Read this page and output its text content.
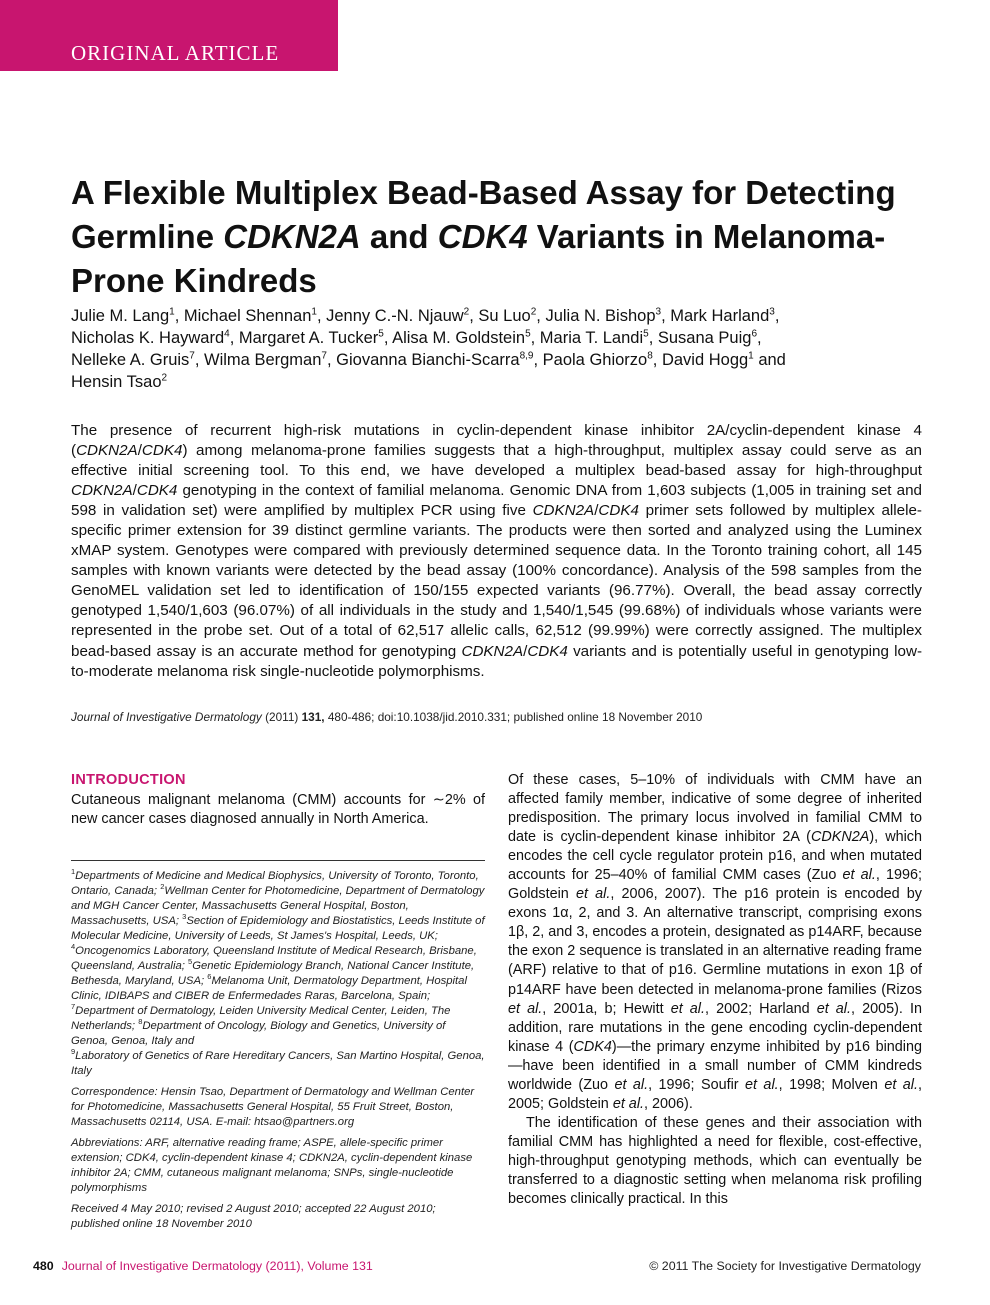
ORIGINAL ARTICLE
A Flexible Multiplex Bead-Based Assay for Detecting Germline CDKN2A and CDK4 Variants in Melanoma-Prone Kindreds
Julie M. Lang$^1$, Michael Shennan$^1$, Jenny C.-N. Njauw$^2$, Su Luo$^2$, Julia N. Bishop$^3$, Mark Harland$^3$,
Nicholas K. Hayward$^4$, Margaret A. Tucker$^5$, Alisa M. Goldstein$^5$, Maria T. Landi$^5$, Susana Puig$^6$,
Nelleke A. Gruis$^7$, Wilma Bergman$^7$, Giovanna Bianchi-Scarra$^{8,9}$, Paola Ghiorzo$^8$, David Hogg$^1$ and
Hensin Tsao$^2$

The presence of recurrent high-risk mutations in cyclin-dependent kinase inhibitor 2A/cyclin-dependent kinase 4 (CDKN2A/CDK4) among melanoma-prone families suggests that a high-throughput, multiplex assay could serve as an effective initial screening tool. To this end, we have developed a multiplex bead-based assay for high-throughput CDKN2A/CDK4 genotyping in the context of familial melanoma. Genomic DNA from 1,603 subjects (1,005 in training set and 598 in validation set) were amplified by multiplex PCR using five CDKN2A/CDK4 primer sets followed by multiplex allele-specific primer extension for 39 distinct germline variants. The products were then sorted and analyzed using the Luminex xMAP system. Genotypes were compared with previously determined sequence data. In the Toronto training cohort, all 145 samples with known variants were detected by the bead assay (100% concordance). Analysis of the 598 samples from the GenoMEL validation set led to identification of 150/155 expected variants (96.77%). Overall, the bead assay correctly genotyped 1,540/1,603 (96.07%) of all individuals in the study and 1,540/1,545 (99.68%) of individuals whose variants were represented in the probe set. Out of a total of 62,517 allelic calls, 62,512 (99.99%) were correctly assigned. The multiplex bead-based assay is an accurate method for genotyping CDKN2A/CDK4 variants and is potentially useful in genotyping low-to-moderate melanoma risk single-nucleotide polymorphisms.

Journal of Investigative Dermatology (2011) 131, 480-486; doi:10.1038/jid.2010.331; published online 18 November 2010
INTRODUCTION

Cutaneous malignant melanoma (CMM) accounts for ∼2% of new cancer cases diagnosed annually in North America.

$^1$Departments of Medicine and Medical Biophysics, University of Toronto, Toronto, Ontario, Canada; $^2$Wellman Center for Photomedicine, Department of Dermatology and MGH Cancer Center, Massachusetts General Hospital, Boston, Massachusetts, USA; $^3$Section of Epidemiology and Biostatistics, Leeds Institute of Molecular Medicine, University of Leeds, St James's Hospital, Leeds, UK; $^4$Oncogenomics Laboratory, Queensland Institute of Medical Research, Brisbane, Queensland, Australia; $^5$Genetic Epidemiology Branch, National Cancer Institute, Bethesda, Maryland, USA; $^6$Melanoma Unit, Dermatology Department, Hospital Clinic, IDIBAPS and CIBER de Enfermedades Raras, Barcelona, Spain; $^7$Department of Dermatology, Leiden University Medical Center, Leiden, The Netherlands; $^8$Department of Oncology, Biology and Genetics, University of Genoa, Genoa, Italy and
$^9$Laboratory of Genetics of Rare Hereditary Cancers, San Martino Hospital, Genoa, Italy

Correspondence: Hensin Tsao, Department of Dermatology and Wellman Center for Photomedicine, Massachusetts General Hospital, 55 Fruit Street, Boston, Massachusetts 02114, USA. E-mail: htsao@partners.org

Abbreviations: ARF, alternative reading frame; ASPE, allele-specific primer extension; CDK4, cyclin-dependent kinase 4; CDKN2A, cyclin-dependent kinase inhibitor 2A; CMM, cutaneous malignant melanoma; SNPs, single-nucleotide polymorphisms

Received 4 May 2010; revised 2 August 2010; accepted 22 August 2010; published online 18 November 2010

Of these cases, 5–10% of individuals with CMM have an affected family member, indicative of some degree of inherited predisposition. The primary locus involved in familial CMM to date is cyclin-dependent kinase inhibitor 2A (CDKN2A), which encodes the cell cycle regulator protein p16, and when mutated accounts for 25–40% of familial CMM cases (Zuo et al., 1996; Goldstein et al., 2006, 2007). The p16 protein is encoded by exons 1α, 2, and 3. An alternative transcript, comprising exons 1β, 2, and 3, encodes a protein, designated as p14ARF, because the exon 2 sequence is translated in an alternative reading frame (ARF) relative to that of p16. Germline mutations in exon 1β of p14ARF have been detected in melanoma-prone families (Rizos et al., 2001a, b; Hewitt et al., 2002; Harland et al., 2005). In addition, rare mutations in the gene encoding cyclin-dependent kinase 4 (CDK4)—the primary enzyme inhibited by p16 binding—have been identified in a small number of CMM kindreds worldwide (Zuo et al., 1996; Soufir et al., 1998; Molven et al., 2005; Goldstein et al., 2006).

The identification of these genes and their association with familial CMM has highlighted a need for flexible, cost-effective, high-throughput genotyping methods, which can eventually be transferred to a diagnostic setting when melanoma risk profiling becomes clinically practical. In this

480 Journal of Investigative Dermatology (2011), Volume 131	© 2011 The Society for Investigative Dermatology
